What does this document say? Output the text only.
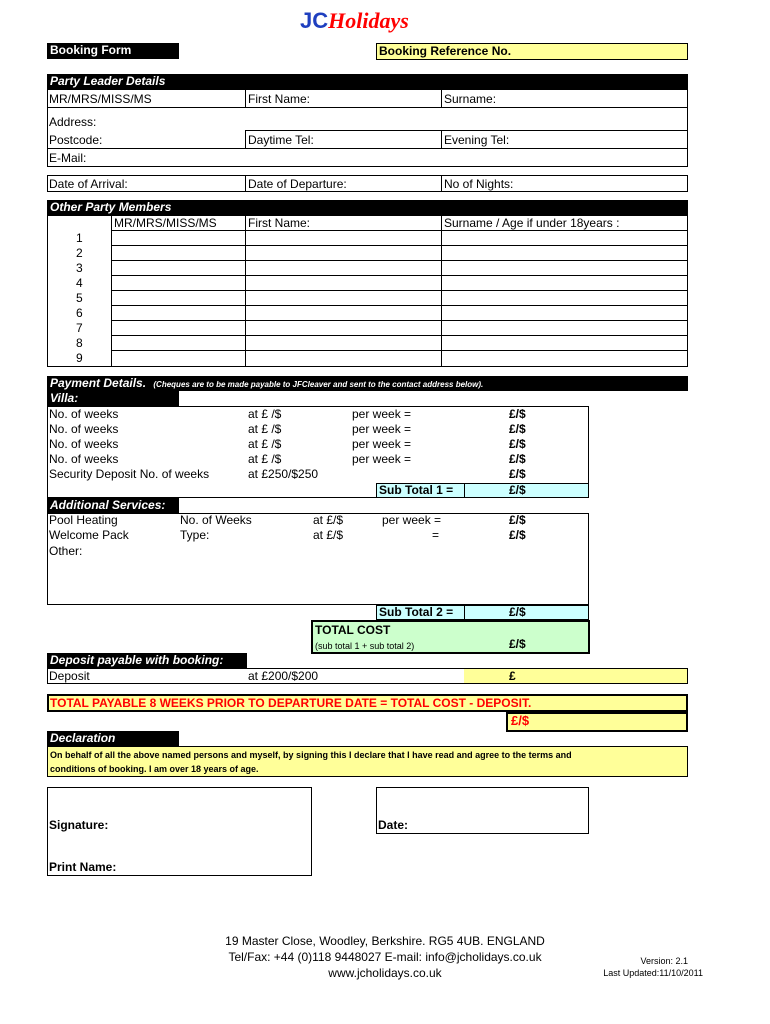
JCHolidays
Booking Form	Booking Reference No.
Party Leader Details
MR/MRS/MISS/MS	First Name:	Surname:
Address:
Postcode:	Daytime Tel:	Evening Tel:
E-Mail:
Date of Arrival:	Date of Departure:	No of Nights:
Other Party Members
MR/MRS/MISS/MS	First Name:	Surname / Age if under 18years :
1
2
3
4
5
6
7
8
9
Payment Details. (Cheques are to be made payable to JFCleaver and sent to the contact address below).
Villa:
No. of weeks	at £ /$	per week =	£/$
No. of weeks	at £ /$	per week =	£/$
No. of weeks	at £ /$	per week =	£/$
No. of weeks	at £ /$	per week =	£/$
Security Deposit No. of weeks	at £250/$250	£/$
Sub Total 1 =	£/$
Additional Services:
Pool Heating	No. of Weeks	at £/$	per week =	£/$
Welcome Pack	Type:	at £/$	=	£/$
Other:
Sub Total 2 =	£/$
TOTAL COST
(sub total 1 + sub total 2)	£/$
Deposit payable with booking:
Deposit	at £200/$200	£
TOTAL PAYABLE 8 WEEKS PRIOR TO DEPARTURE DATE = TOTAL COST - DEPOSIT.
£/$
Declaration
On behalf of all the above named persons and myself, by signing this I declare that I have read and agree to the terms and
conditions of booking. I am over 18 years of age.
Signature:
Print Name:
Date:
19 Master Close, Woodley, Berkshire. RG5 4UB. ENGLAND
Tel/Fax: +44 (0)118 9448027 E-mail: info@jcholidays.co.uk
www.jcholidays.co.uk
Version: 2.1
Last Updated:11/10/2011
